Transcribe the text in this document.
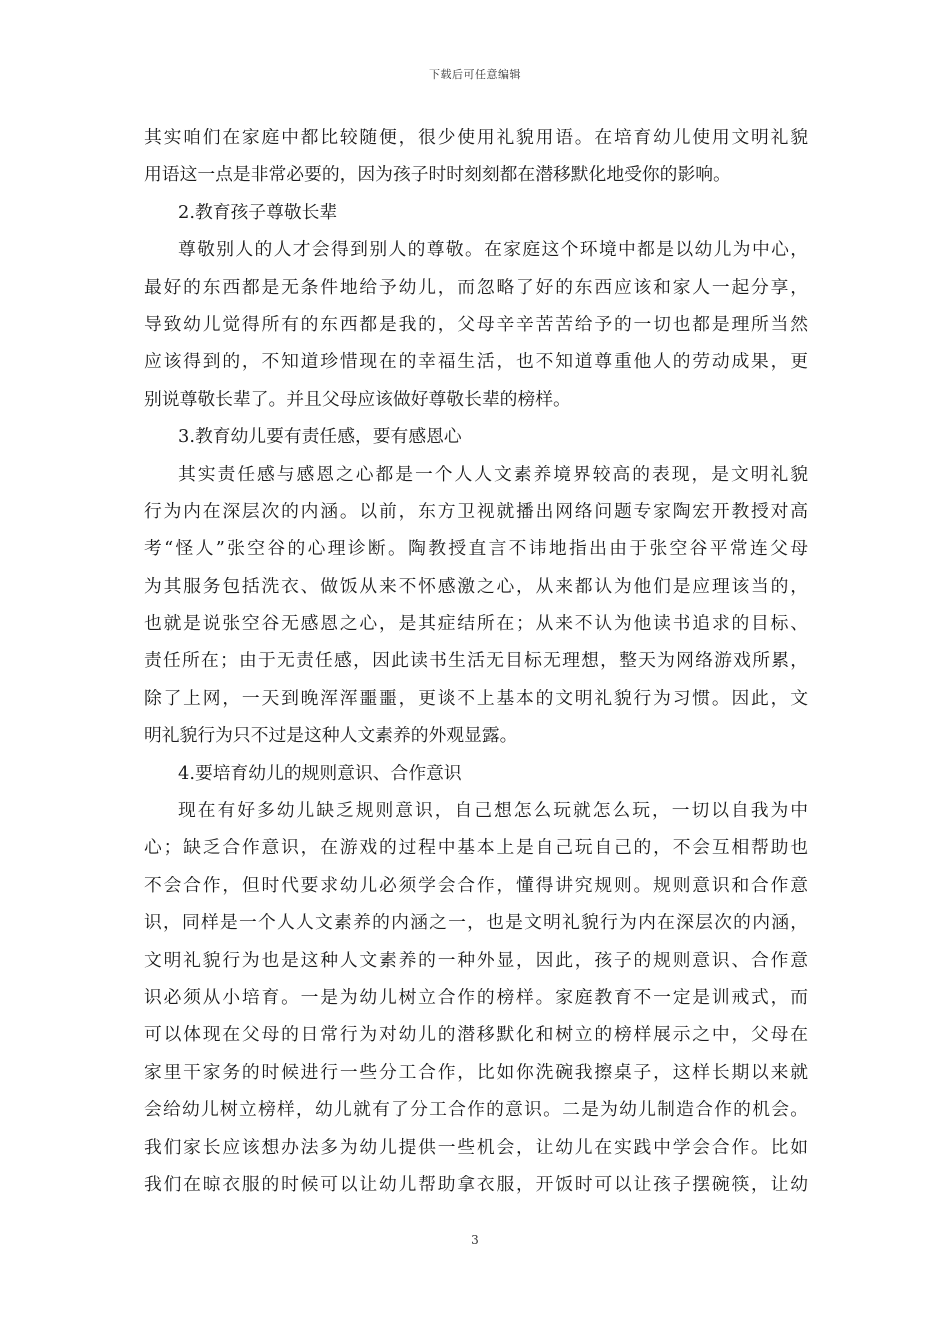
下载后可任意编辑
其实咱们在家庭中都比较随便，很少使用礼貌用语。在培育幼儿使用文明礼貌
用语这一点是非常必要的，因为孩子时时刻刻都在潜移默化地受你的影响。
2.教育孩子尊敬长辈
尊敬别人的人才会得到别人的尊敬。在家庭这个环境中都是以幼儿为中心，
最好的东西都是无条件地给予幼儿，而忽略了好的东西应该和家人一起分享，
导致幼儿觉得所有的东西都是我的，父母辛辛苦苦给予的一切也都是理所当然
应该得到的，不知道珍惜现在的幸福生活，也不知道尊重他人的劳动成果，更
别说尊敬长辈了。并且父母应该做好尊敬长辈的榜样。
3.教育幼儿要有责任感，要有感恩心
其实责任感与感恩之心都是一个人人文素养境界较高的表现，是文明礼貌
行为内在深层次的内涵。以前，东方卫视就播出网络问题专家陶宏开教授对高
考“怪人”张空谷的心理诊断。陶教授直言不讳地指出由于张空谷平常连父母
为其服务包括洗衣、做饭从来不怀感激之心，从来都认为他们是应理该当的，
也就是说张空谷无感恩之心，是其症结所在；从来不认为他读书追求的目标、
责任所在；由于无责任感，因此读书生活无目标无理想，整天为网络游戏所累，
除了上网，一天到晚浑浑噩噩，更谈不上基本的文明礼貌行为习惯。因此，文
明礼貌行为只不过是这种人文素养的外观显露。
4.要培育幼儿的规则意识、合作意识
现在有好多幼儿缺乏规则意识，自己想怎么玩就怎么玩，一切以自我为中
心；缺乏合作意识，在游戏的过程中基本上是自己玩自己的，不会互相帮助也
不会合作，但时代要求幼儿必须学会合作，懂得讲究规则。规则意识和合作意
识，同样是一个人人文素养的内涵之一，也是文明礼貌行为内在深层次的内涵，
文明礼貌行为也是这种人文素养的一种外显，因此，孩子的规则意识、合作意
识必须从小培育。一是为幼儿树立合作的榜样。家庭教育不一定是训戒式，而
可以体现在父母的日常行为对幼儿的潜移默化和树立的榜样展示之中，父母在
家里干家务的时候进行一些分工合作，比如你洗碗我擦桌子，这样长期以来就
会给幼儿树立榜样，幼儿就有了分工合作的意识。二是为幼儿制造合作的机会。
我们家长应该想办法多为幼儿提供一些机会，让幼儿在实践中学会合作。比如
我们在晾衣服的时候可以让幼儿帮助拿衣服，开饭时可以让孩子摆碗筷，让幼
3
